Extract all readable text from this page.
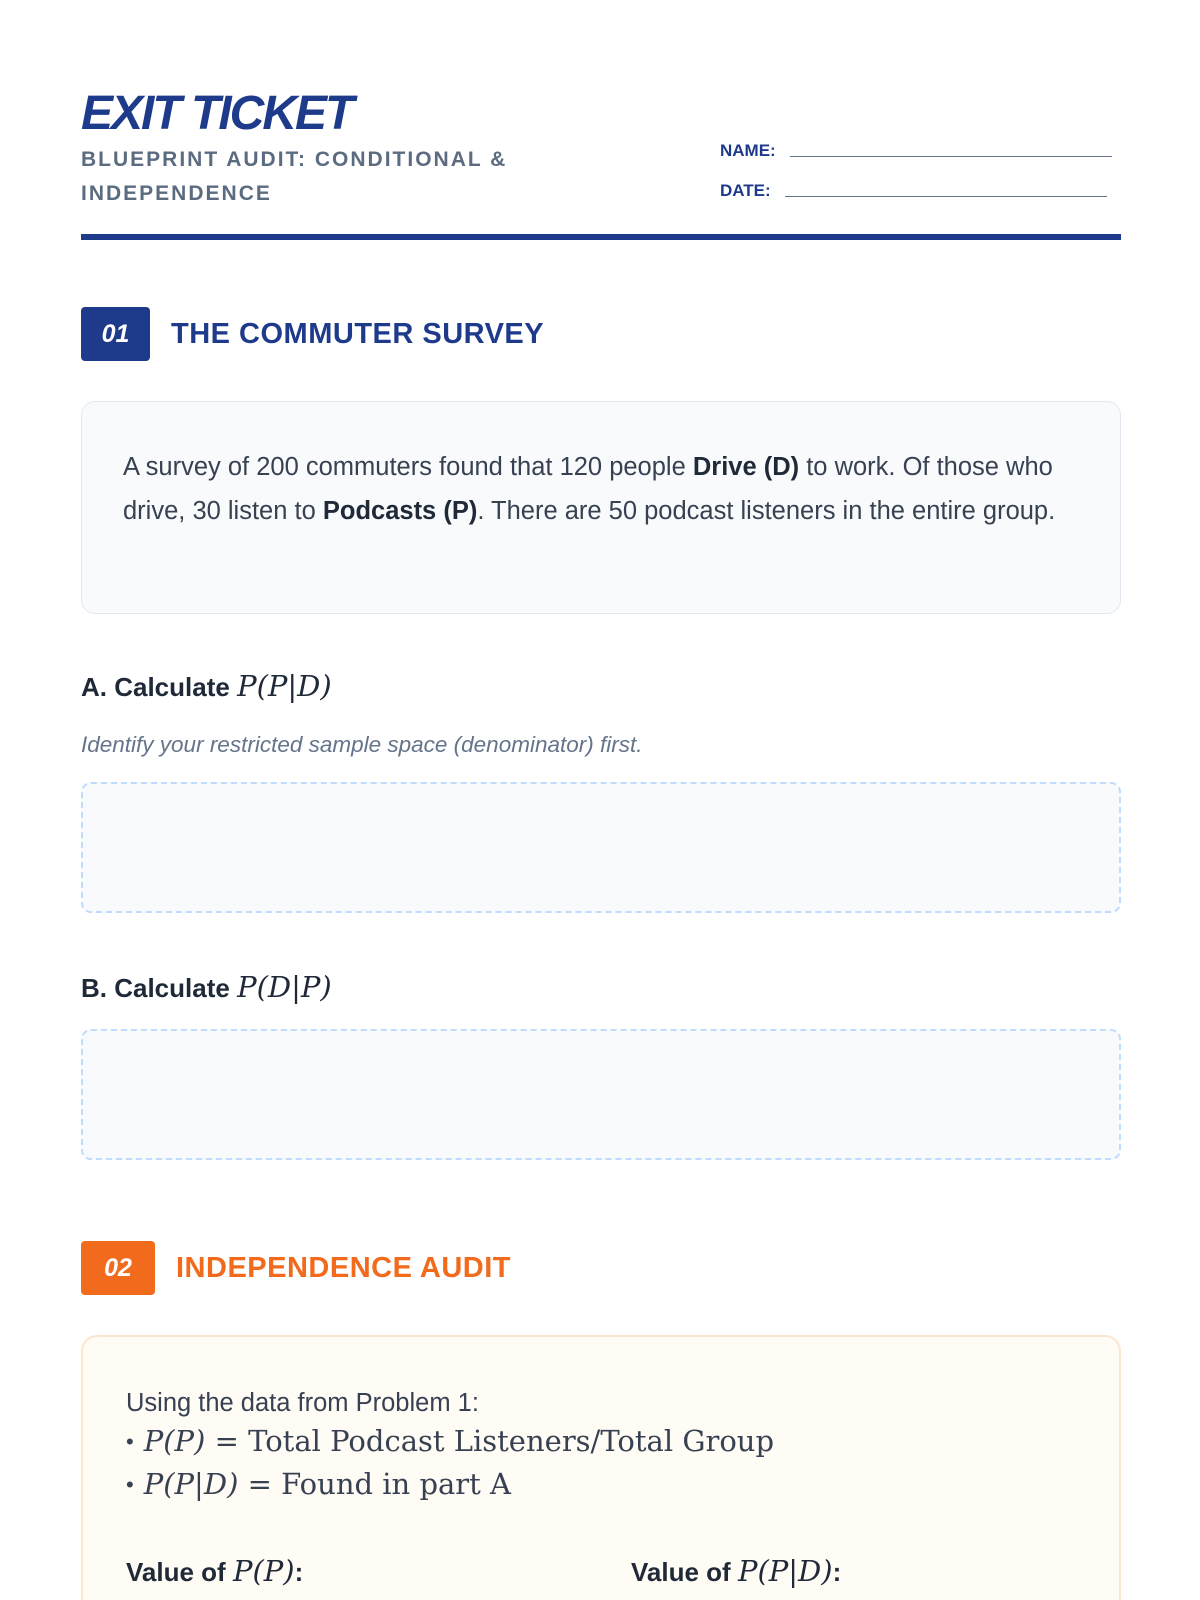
EXIT TICKET
BLUEPRINT AUDIT: CONDITIONAL & INDEPENDENCE
NAME:
DATE:
01	THE COMMUTER SURVEY
A survey of 200 commuters found that 120 people Drive (D) to work. Of those who drive, 30 listen to Podcasts (P). There are 50 podcast listeners in the entire group.
A. Calculate P(P|D)
Identify your restricted sample space (denominator) first.
B. Calculate P(D|P)
02	INDEPENDENCE AUDIT
Using the data from Problem 1:
• P(P) = Total Podcast Listeners/Total Group
• P(P|D) = Found in part A
Value of P(P):	Value of P(P|D):
